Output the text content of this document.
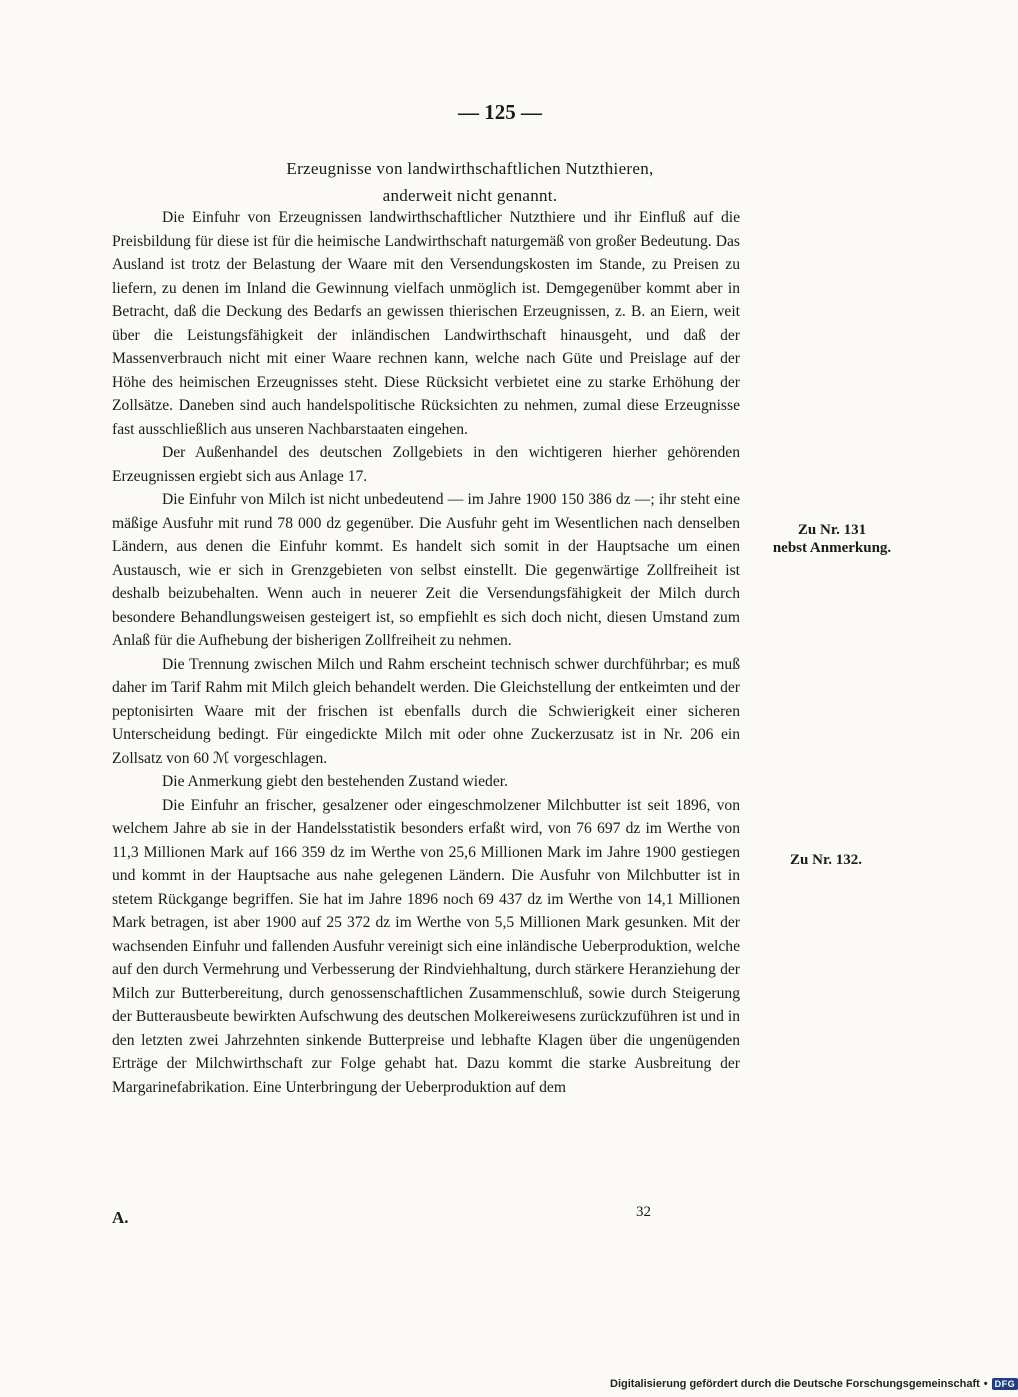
— 125 —
Erzeugnisse von landwirthschaftlichen Nutzthieren,
anderweit nicht genannt.

Die Einfuhr von Erzeugnissen landwirthschaftlicher Nutzthiere und ihr Einfluß auf die Preisbildung für diese ist für die heimische Landwirthschaft naturgemäß von großer Bedeutung. Das Ausland ist trotz der Belastung der Waare mit den Versendungskosten im Stande, zu Preisen zu liefern, zu denen im Inland die Gewinnung vielfach unmöglich ist. Demgegenüber kommt aber in Betracht, daß die Deckung des Bedarfs an gewissen thierischen Erzeugnissen, z. B. an Eiern, weit über die Leistungsfähigkeit der inländischen Landwirthschaft hinausgeht, und daß der Massenverbrauch nicht mit einer Waare rechnen kann, welche nach Güte und Preislage auf der Höhe des heimischen Erzeugnisses steht. Diese Rücksicht verbietet eine zu starke Erhöhung der Zollsätze. Daneben sind auch handelspolitische Rücksichten zu nehmen, zumal diese Erzeugnisse fast ausschließlich aus unseren Nachbarstaaten eingehen.

Der Außenhandel des deutschen Zollgebiets in den wichtigeren hierher gehörenden Erzeugnissen ergiebt sich aus Anlage 17.

Die Einfuhr von Milch ist nicht unbedeutend — im Jahre 1900 150 386 dz —; ihr steht eine mäßige Ausfuhr mit rund 78 000 dz gegenüber. Die Ausfuhr geht im Wesentlichen nach denselben Ländern, aus denen die Einfuhr kommt. Es handelt sich somit in der Hauptsache um einen Austausch, wie er sich in Grenzgebieten von selbst einstellt. Die gegenwärtige Zollfreiheit ist deshalb beizubehalten. Wenn auch in neuerer Zeit die Versendungsfähigkeit der Milch durch besondere Behandlungsweisen gesteigert ist, so empfiehlt es sich doch nicht, diesen Umstand zum Anlaß für die Aufhebung der bisherigen Zollfreiheit zu nehmen.

Die Trennung zwischen Milch und Rahm erscheint technisch schwer durchführbar; es muß daher im Tarif Rahm mit Milch gleich behandelt werden. Die Gleichstellung der entkeimten und der peptonisirten Waare mit der frischen ist ebenfalls durch die Schwierigkeit einer sicheren Unterscheidung bedingt. Für eingedickte Milch mit oder ohne Zuckerzusatz ist in Nr. 206 ein Zollsatz von 60 ℳ vorgeschlagen.

Die Anmerkung giebt den bestehenden Zustand wieder.

Die Einfuhr an frischer, gesalzener oder eingeschmolzener Milchbutter ist seit 1896, von welchem Jahre ab sie in der Handelsstatistik besonders erfaßt wird, von 76 697 dz im Werthe von 11,3 Millionen Mark auf 166 359 dz im Werthe von 25,6 Millionen Mark im Jahre 1900 gestiegen und kommt in der Hauptsache aus nahe gelegenen Ländern. Die Ausfuhr von Milchbutter ist in stetem Rückgange begriffen. Sie hat im Jahre 1896 noch 69 437 dz im Werthe von 14,1 Millionen Mark betragen, ist aber 1900 auf 25 372 dz im Werthe von 5,5 Millionen Mark gesunken. Mit der wachsenden Einfuhr und fallenden Ausfuhr vereinigt sich eine inländische Ueberproduktion, welche auf den durch Vermehrung und Verbesserung der Rindviehhaltung, durch stärkere Heranziehung der Milch zur Butterbereitung, durch genossenschaftlichen Zusammenschluß, sowie durch Steigerung der Butterausbeute bewirkten Aufschwung des deutschen Molkereiwesens zurückzuführen ist und in den letzten zwei Jahrzehnten sinkende Butterpreise und lebhafte Klagen über die ungenügenden Erträge der Milchwirthschaft zur Folge gehabt hat. Dazu kommt die starke Ausbreitung der Margarinefabrikation. Eine Unterbringung der Ueberproduktion auf dem

Zu Nr. 131
nebst Anmerkung.
Zu Nr. 132.
A.	32
Digitalisierung gefördert durch die Deutsche Forschungsgemeinschaft • DFG
